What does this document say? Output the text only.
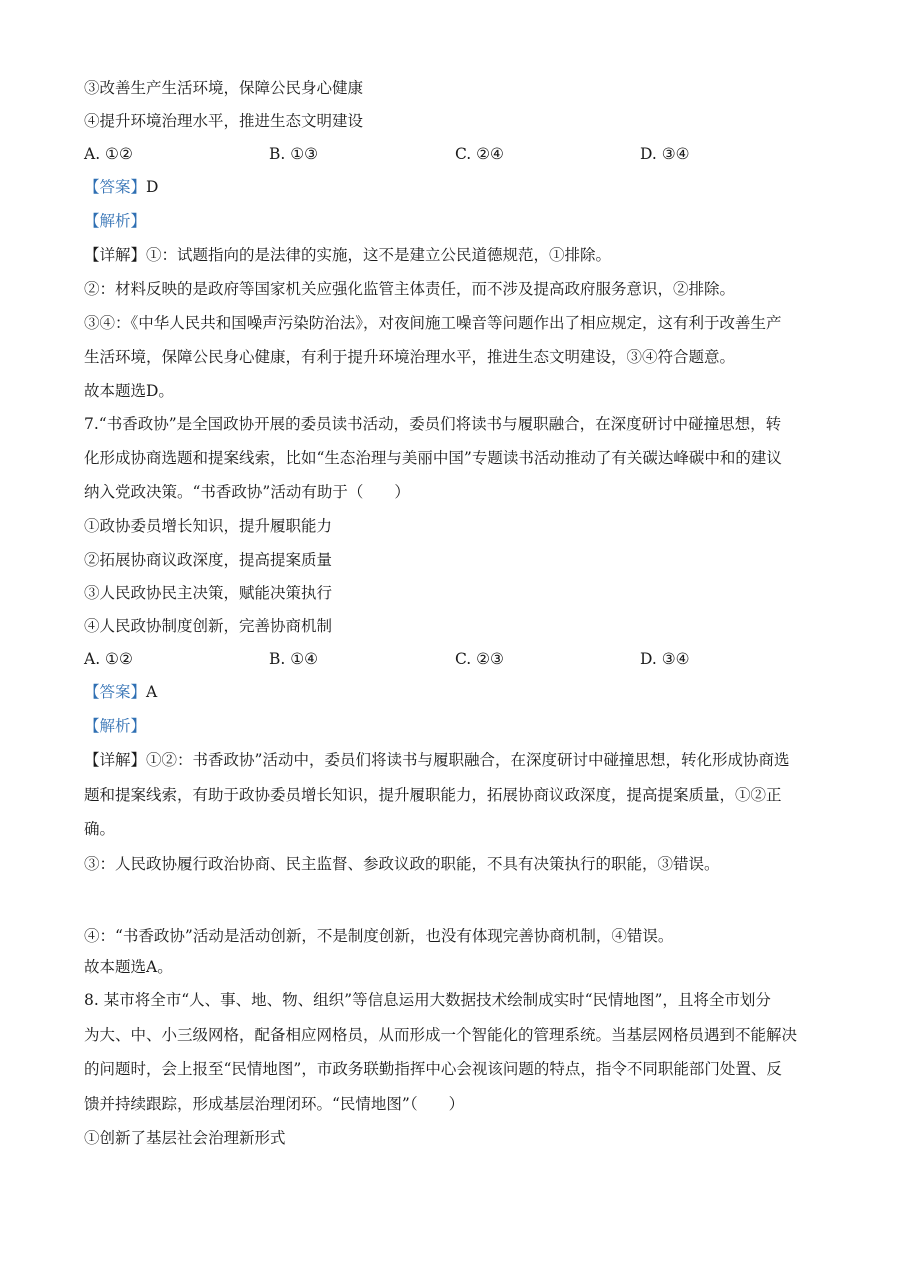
③改善生产生活环境，保障公民身心健康
④提升环境治理水平，推进生态文明建设
A. ①②	B. ①③	C. ②④	D. ③④
【答案】D
【解析】
【详解】①：试题指向的是法律的实施，这不是建立公民道德规范，①排除。
②：材料反映的是政府等国家机关应强化监管主体责任，而不涉及提高政府服务意识，②排除。
③④：《中华人民共和国噪声污染防治法》，对夜间施工噪音等问题作出了相应规定，这有利于改善生产
生活环境，保障公民身心健康，有利于提升环境治理水平，推进生态文明建设，③④符合题意。
故本题选D。
7.“书香政协”是全国政协开展的委员读书活动，委员们将读书与履职融合，在深度研讨中碰撞思想，转
化形成协商选题和提案线索，比如“生态治理与美丽中国”专题读书活动推动了有关碳达峰碳中和的建议
纳入党政决策。“书香政协”活动有助于（　　）
①政协委员增长知识，提升履职能力
②拓展协商议政深度，提高提案质量
③人民政协民主决策，赋能决策执行
④人民政协制度创新，完善协商机制
A. ①②	B. ①④	C. ②③	D. ③④
【答案】A
【解析】
【详解】①②：书香政协”活动中，委员们将读书与履职融合，在深度研讨中碰撞思想，转化形成协商选
题和提案线索，有助于政协委员增长知识，提升履职能力，拓展协商议政深度，提高提案质量，①②正
确。
③：人民政协履行政治协商、民主监督、参政议政的职能，不具有决策执行的职能，③错误。
④：“书香政协”活动是活动创新，不是制度创新，也没有体现完善协商机制，④错误。
故本题选A。
8. 某市将全市“人、事、地、物、组织”等信息运用大数据技术绘制成实时“民情地图”，且将全市划分
为大、中、小三级网格，配备相应网格员，从而形成一个智能化的管理系统。当基层网格员遇到不能解决
的问题时，会上报至“民情地图”，市政务联勤指挥中心会视该问题的特点，指令不同职能部门处置、反
馈并持续跟踪，形成基层治理闭环。“民情地图”（　　）
①创新了基层社会治理新形式
